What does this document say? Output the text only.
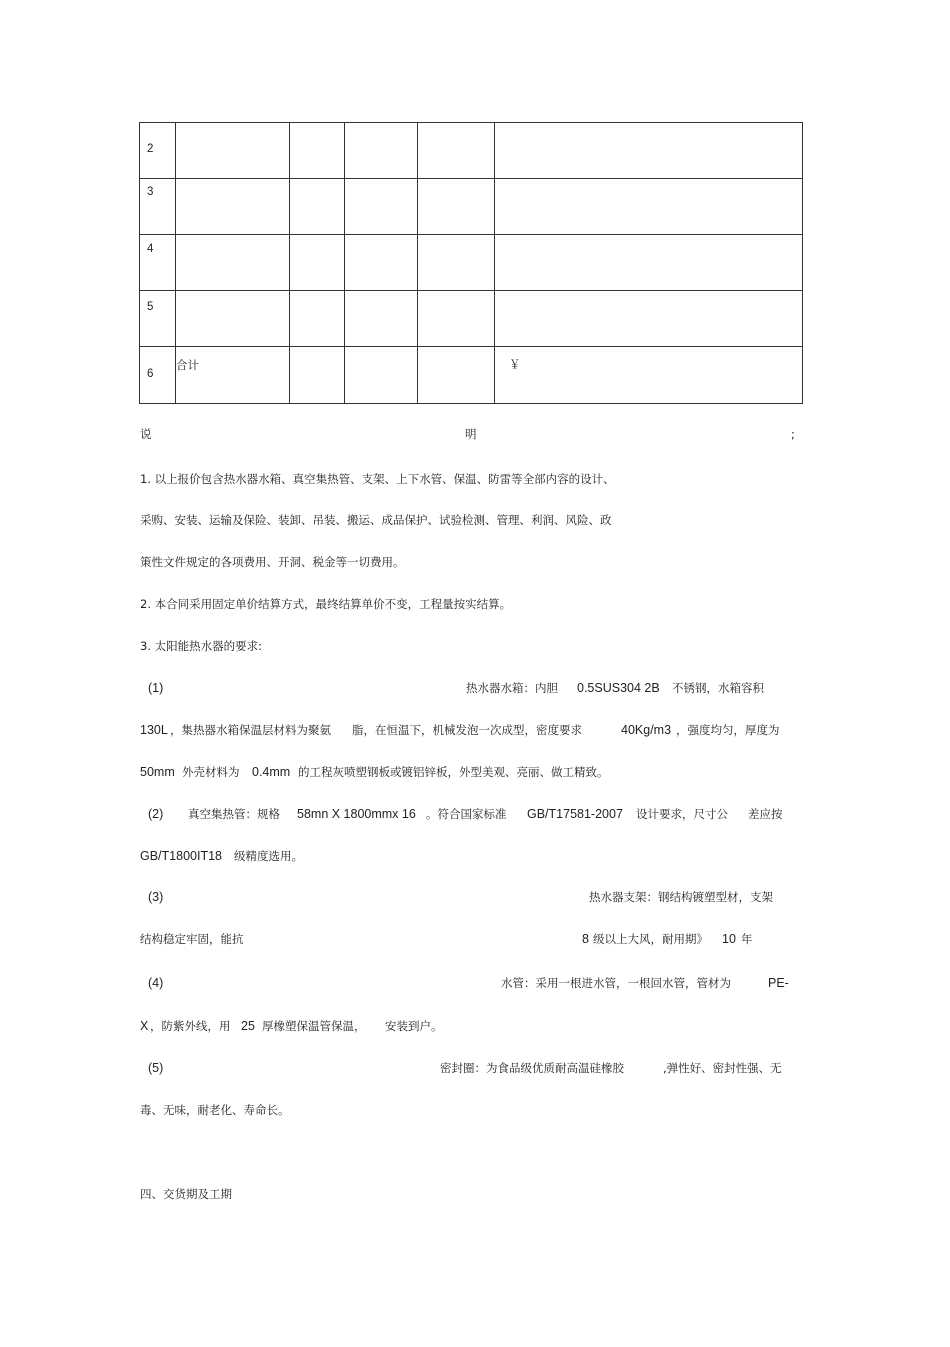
2					
3					
4					
5					
6	合计				￥
说	明	;
1. 以上报价包含热水器水箱、真空集热管、支架、上下水管、保温、防雷等全部内容的设计、
采购、安装、运输及保险、装卸、吊装、搬运、成品保护、试验检测、管理、利润、风险、政
策性文件规定的各项费用、开洞、税金等一切费用。
2. 本合同采用固定单价结算方式，最终结算单价不变，工程量按实结算。
3. 太阳能热水器的要求:
(1)	热水器水箱：内胆 0.5SUS304 2B 不锈钢，水箱容积
130L ，集热器水箱保温层材料为聚氨 脂，在恒温下，机械发泡一次成型，密度要求	40Kg/m3 ，强度均匀，厚度为
50mm 外壳材料为 0.4mm 的工程灰喷塑钢板或镀铝锌板，外型美观、亮丽、做工精致。
(2) 真空集热管：规格 58mn X 1800mmx 16 。符合国家标准 GB/T17581-2007 设计要求，尺寸公 差应按
GB/T1800IT18 级精度选用。
(3)	热水器支架：钢结构镀塑型材，支架
结构稳定牢固，能抗	8 级以上大风，耐用期》 10 年
(4)	水管：采用一根进水管，一根回水管，管材为	PE-
X ，防紫外线，用 25 厚橡塑保温管保温， 安装到户。
(5)	密封圈：为食品级优质耐高温硅橡胶	,弹性好、密封性强、无
毒、无味，耐老化、寿命长。
四、交货期及工期
